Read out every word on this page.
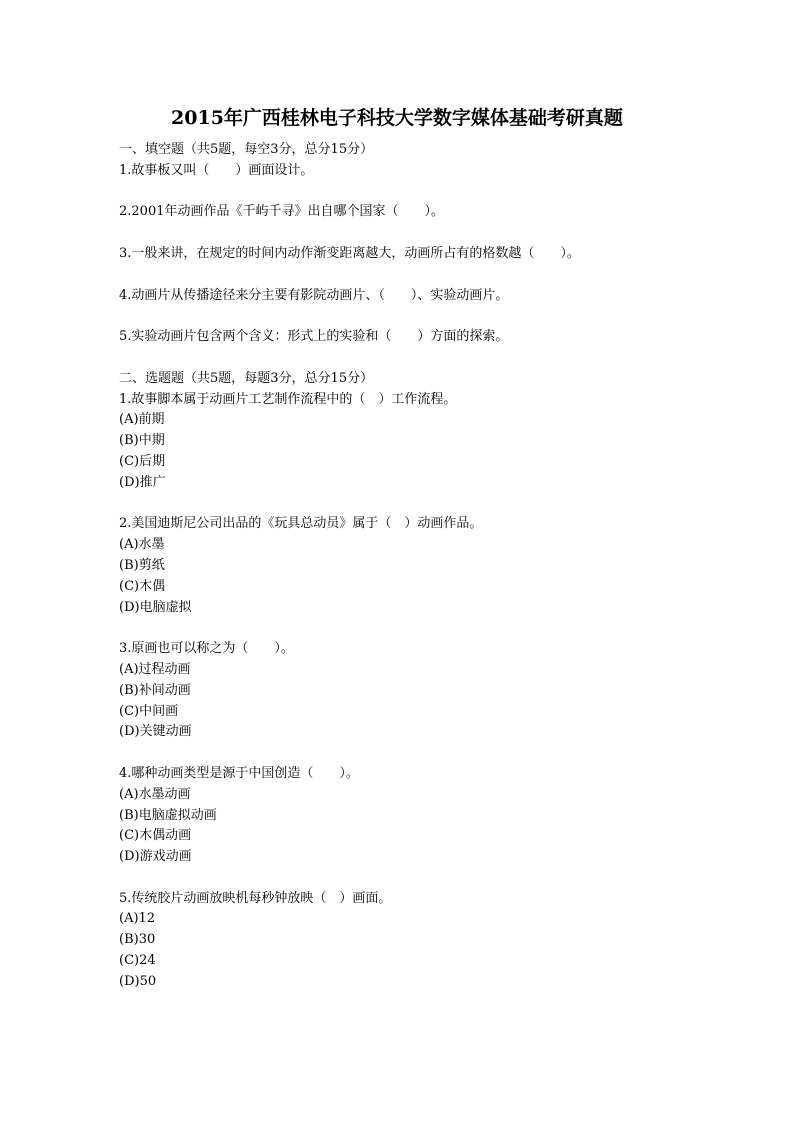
2015年广西桂林电子科技大学数字媒体基础考研真题
一、填空题（共5题，每空3分，总分15分）
1.故事板又叫（　　）画面设计。
2.2001年动画作品《千屿千寻》出自哪个国家（　　）。
3.一般来讲，在规定的时间内动作渐变距离越大，动画所占有的格数越（　　）。
4.动画片从传播途径来分主要有影院动画片、（　　）、实验动画片。
5.实验动画片包含两个含义：形式上的实验和（　　）方面的探索。
二、选题题（共5题，每题3分，总分15分）
1.故事脚本属于动画片工艺制作流程中的（　）工作流程。
(A)前期
(B)中期
(C)后期
(D)推广
2.美国迪斯尼公司出品的《玩具总动员》属于（　）动画作品。
(A)水墨
(B)剪纸
(C)木偶
(D)电脑虚拟
3.原画也可以称之为（　　）。
(A)过程动画
(B)补间动画
(C)中间画
(D)关键动画
4.哪种动画类型是源于中国创造（　　）。
(A)水墨动画
(B)电脑虚拟动画
(C)木偶动画
(D)游戏动画
5.传统胶片动画放映机每秒钟放映（　）画面。
(A)12
(B)30
(C)24
(D)50
